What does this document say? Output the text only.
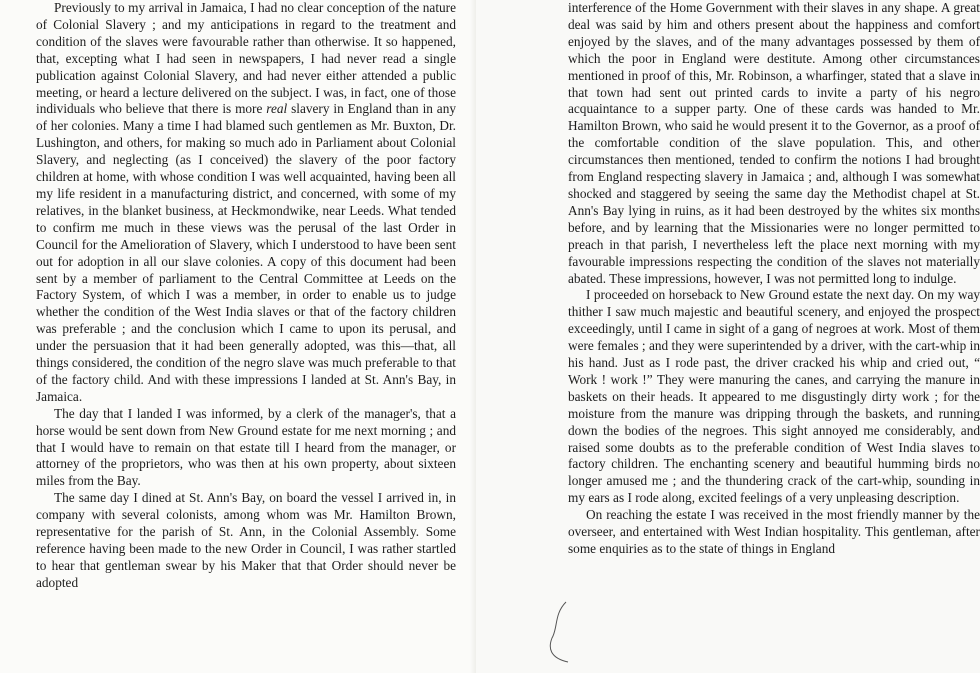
Previously to my arrival in Jamaica, I had no clear conception of the nature of Colonial Slavery ; and my anticipations in regard to the treatment and condition of the slaves were favourable rather than otherwise. It so happened, that, excepting what I had seen in newspapers, I had never read a single publication against Colonial Slavery, and had never either attended a public meeting, or heard a lecture delivered on the subject. I was, in fact, one of those individuals who believe that there is more real slavery in England than in any of her colonies. Many a time I had blamed such gentlemen as Mr. Buxton, Dr. Lushington, and others, for making so much ado in Parliament about Colonial Slavery, and neglecting (as I conceived) the slavery of the poor factory children at home, with whose condition I was well acquainted, having been all my life resident in a manufacturing district, and concerned, with some of my relatives, in the blanket business, at Heckmondwike, near Leeds. What tended to confirm me much in these views was the perusal of the last Order in Council for the Amelioration of Slavery, which I understood to have been sent out for adoption in all our slave colonies. A copy of this document had been sent by a member of parliament to the Central Committee at Leeds on the Factory System, of which I was a member, in order to enable us to judge whether the condition of the West India slaves or that of the factory children was preferable ; and the conclusion which I came to upon its perusal, and under the persuasion that it had been generally adopted, was this—that, all things considered, the condition of the negro slave was much preferable to that of the factory child. And with these impressions I landed at St. Ann's Bay, in Jamaica.

The day that I landed I was informed, by a clerk of the manager's, that a horse would be sent down from New Ground estate for me next morning ; and that I would have to remain on that estate till I heard from the manager, or attorney of the proprietors, who was then at his own property, about sixteen miles from the Bay.

The same day I dined at St. Ann's Bay, on board the vessel I arrived in, in company with several colonists, among whom was Mr. Hamilton Brown, representative for the parish of St. Ann, in the Colonial Assembly. Some reference having been made to the new Order in Council, I was rather startled to hear that gentleman swear by his Maker that that Order should never be adopted

interference of the Home Government with their slaves in any shape. A great deal was said by him and others present about the happiness and comfort enjoyed by the slaves, and of the many advantages possessed by them of which the poor in England were destitute. Among other circumstances mentioned in proof of this, Mr. Robinson, a wharfinger, stated that a slave in that town had sent out printed cards to invite a party of his negro acquaintance to a supper party. One of these cards was handed to Mr. Hamilton Brown, who said he would present it to the Governor, as a proof of the comfortable condition of the slave population. This, and other circumstances then mentioned, tended to confirm the notions I had brought from England respecting slavery in Jamaica ; and, although I was somewhat shocked and staggered by seeing the same day the Methodist chapel at St. Ann's Bay lying in ruins, as it had been destroyed by the whites six months before, and by learning that the Missionaries were no longer permitted to preach in that parish, I nevertheless left the place next morning with my favourable impressions respecting the condition of the slaves not materially abated. These impressions, however, I was not permitted long to indulge.

I proceeded on horseback to New Ground estate the next day. On my way thither I saw much majestic and beautiful scenery, and enjoyed the prospect exceedingly, until I came in sight of a gang of negroes at work. Most of them were females ; and they were superintended by a driver, with the cart-whip in his hand. Just as I rode past, the driver cracked his whip and cried out, “ Work ! work !” They were manuring the canes, and carrying the manure in baskets on their heads. It appeared to me disgustingly dirty work ; for the moisture from the manure was dripping through the baskets, and running down the bodies of the negroes. This sight annoyed me considerably, and raised some doubts as to the preferable condition of West India slaves to factory children. The enchanting scenery and beautiful humming birds no longer amused me ; and the thundering crack of the cart-whip, sounding in my ears as I rode along, excited feelings of a very unpleasing description.

On reaching the estate I was received in the most friendly manner by the overseer, and entertained with West Indian hospitality. This gentleman, after some enquiries as to the state of things in England
